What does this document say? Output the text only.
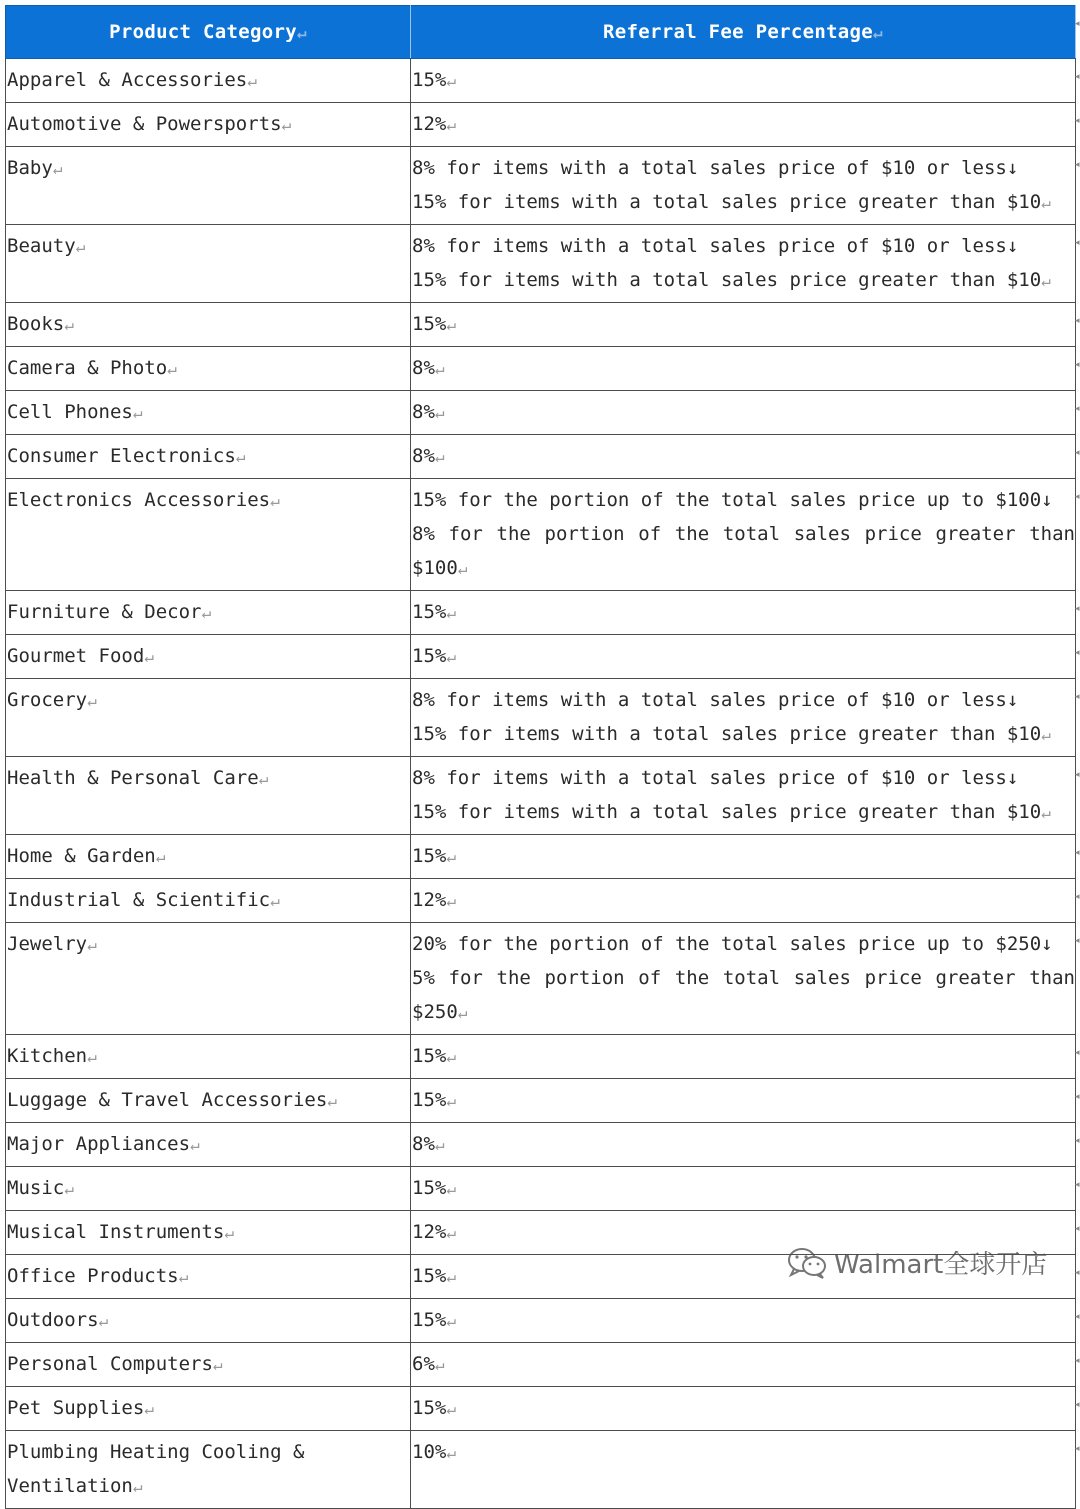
Product Category↵	Referral Fee Percentage↵
Apparel & Accessories↵	15%↵
Automotive & Powersports↵	12%↵
Baby↵	8% for items with a total sales price of $10 or less↓
15% for items with a total sales price greater than $10↵
Beauty↵	8% for items with a total sales price of $10 or less↓
15% for items with a total sales price greater than $10↵
Books↵	15%↵
Camera & Photo↵	8%↵
Cell Phones↵	8%↵
Consumer Electronics↵	8%↵
Electronics Accessories↵	15% for the portion of the total sales price up to $100↓
8% for the portion of the total sales price greater than $100↵
Furniture & Decor↵	15%↵
Gourmet Food↵	15%↵
Grocery↵	8% for items with a total sales price of $10 or less↓
15% for items with a total sales price greater than $10↵
Health & Personal Care↵	8% for items with a total sales price of $10 or less↓
15% for items with a total sales price greater than $10↵
Home & Garden↵	15%↵
Industrial & Scientific↵	12%↵
Jewelry↵	20% for the portion of the total sales price up to $250↓
5% for the portion of the total sales price greater than $250↵
Kitchen↵	15%↵
Luggage & Travel Accessories↵	15%↵
Major Appliances↵	8%↵
Music↵	15%↵
Musical Instruments↵	12%↵
Office Products↵	15%↵
Outdoors↵	15%↵
Personal Computers↵	6%↵
Pet Supplies↵	15%↵
Plumbing Heating Cooling & Ventilation↵	10%↵
Walmart全球开店
◂
◂
◂
◂
◂
◂
◂
◂
◂
◂
◂
◂
◂
◂
◂
◂
◂
◂
◂
◂
◂
◂
◂
◂
◂
◂
◂
